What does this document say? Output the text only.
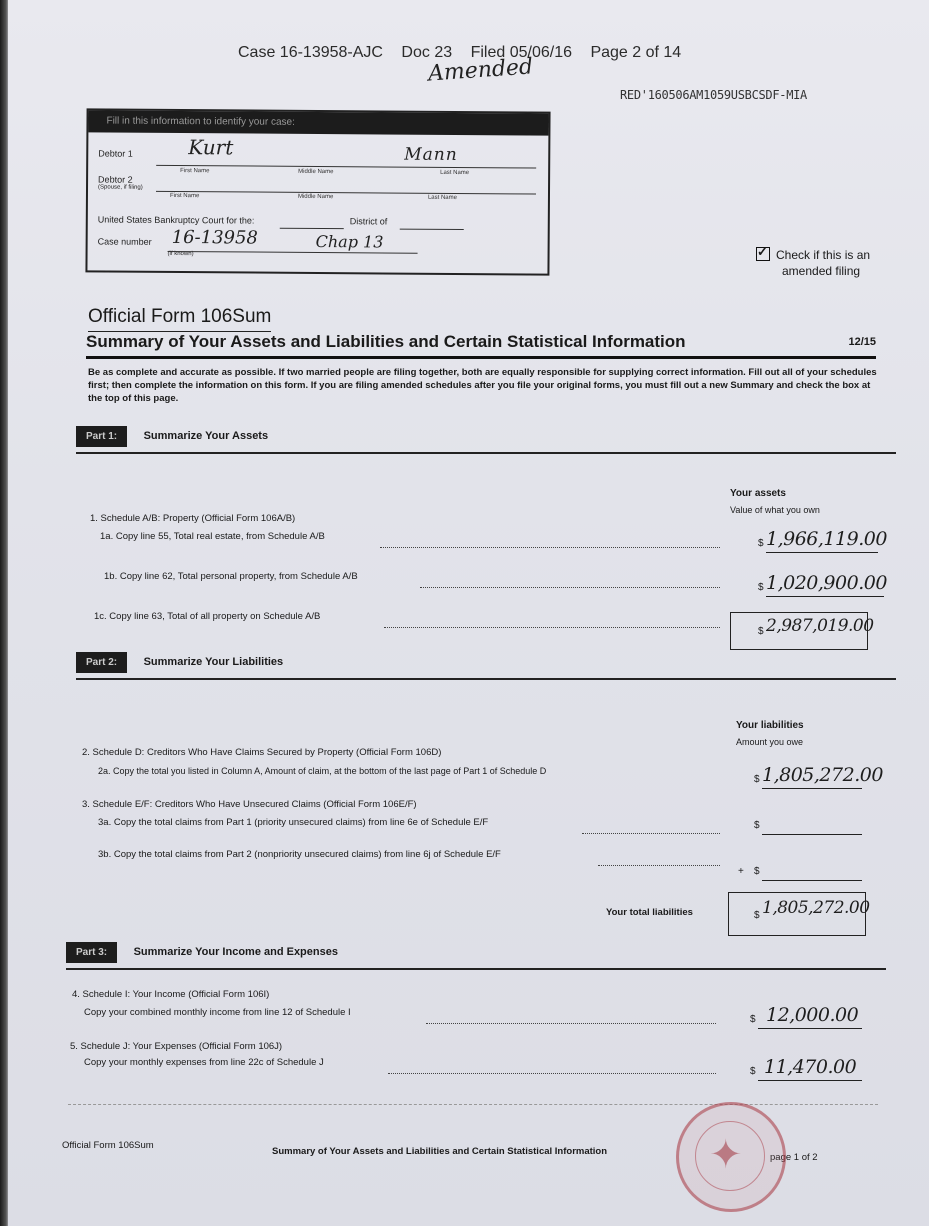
Case 16-13958-AJC Doc 23 Filed 05/06/16 Page 2 of 14
Amended
RED'160506AM1059USBCSDF-MIA
Fill in this information to identify your case:
Debtor 1	Kurt	Mann
First Name	Middle Name	Last Name
Debtor 2
(Spouse, if filing)
First Name	Middle Name	Last Name
United States Bankruptcy Court for the:	District of
Case number
(if known)
16-13958	Chap 13
✓Check if this is an
amended filing
Official Form 106Sum
Summary of Your Assets and Liabilities and Certain Statistical Information	12/15
Be as complete and accurate as possible. If two married people are filing together, both are equally responsible for supplying correct information. Fill out all of your schedules first; then complete the information on this form. If you are filing amended schedules after you file your original forms, you must fill out a new Summary and check the box at the top of this page.
Part 1: Summarize Your Assets
Your assets
Value of what you own
1. Schedule A/B: Property (Official Form 106A/B)
1a. Copy line 55, Total real estate, from Schedule A/B
$ 1,966,119.00
1b. Copy line 62, Total personal property, from Schedule A/B
$ 1,020,900.00
1c. Copy line 63, Total of all property on Schedule A/B
$ 2,987,019.00
Part 2: Summarize Your Liabilities
Your liabilities
Amount you owe
2. Schedule D: Creditors Who Have Claims Secured by Property (Official Form 106D)
2a. Copy the total you listed in Column A, Amount of claim, at the bottom of the last page of Part 1 of Schedule D
$ 1,805,272.00
3. Schedule E/F: Creditors Who Have Unsecured Claims (Official Form 106E/F)
3a. Copy the total claims from Part 1 (priority unsecured claims) from line 6e of Schedule E/F	$
3b. Copy the total claims from Part 2 (nonpriority unsecured claims) from line 6j of Schedule E/F
+ $
Your total liabilities	$ 1,805,272.00
Part 3: Summarize Your Income and Expenses
4. Schedule I: Your Income (Official Form 106I)
Copy your combined monthly income from line 12 of Schedule I
$ 12,000.00
5. Schedule J: Your Expenses (Official Form 106J)
Copy your monthly expenses from line 22c of Schedule J
$ 11,470.00
Official Form 106Sum
Summary of Your Assets and Liabilities and Certain Statistical Information
page 1 of 2
✦
